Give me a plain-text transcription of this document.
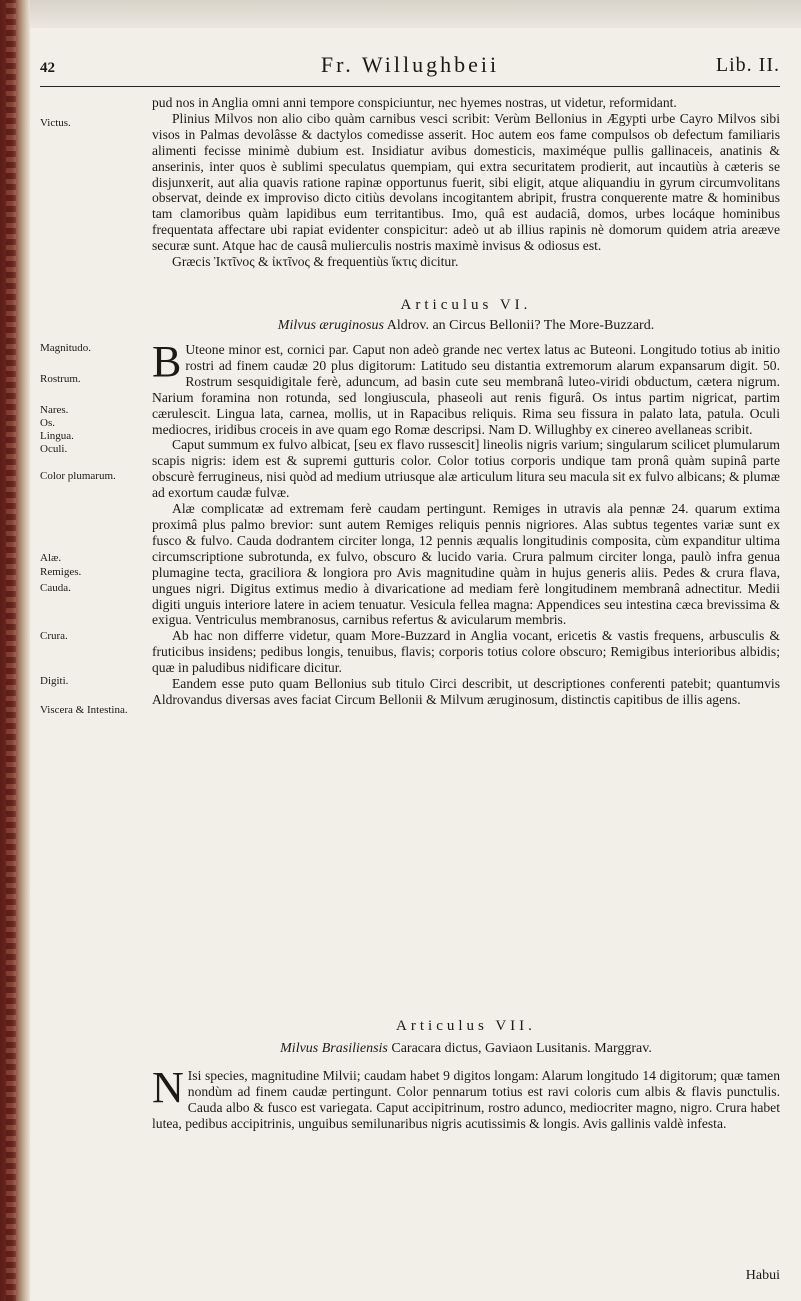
42	Fr. Willughbeii	Lib. II.
Victus.
Magnitudo.
Rostrum.
Nares.
Os.
Lingua.
Oculi.
Color plumarum.
Alæ.
Remiges.
Cauda.
Crura.
Digiti.
Viscera & Intestina.

pud nos in Anglia omni anni tempore conspiciuntur, nec hyemes nostras, ut videtur, reformidant.

Plinius Milvos non alio cibo quàm carnibus vesci scribit: Verùm Bellonius in Ægypti urbe Cayro Milvos sibi visos in Palmas devolâsse & dactylos comedisse asserit. Hoc autem eos fame compulsos ob defectum familiaris alimenti fecisse minimè dubium est. Insidiatur avibus domesticis, maximéque pullis gallinaceis, anatinis & anserinis, inter quos è sublimi speculatus quempiam, qui extra securitatem prodierit, aut incautiùs à cæteris se disjunxerit, aut alia quavis ratione rapinæ opportunus fuerit, sibi eligit, atque aliquandiu in gyrum circumvolitans observat, deinde ex improviso dicto citiùs devolans incogitantem abripit, frustra conquerente matre & hominibus tam clamoribus quàm lapidibus eum territantibus. Imo, quâ est audaciâ, domos, urbes locáque hominibus frequentata affectare ubi rapiat evidenter conspicitur: adeò ut ab illius rapinis nè domorum quidem atria areæve securæ sunt. Atque hac de causâ mulierculis nostris maximè invisus & odiosus est.

Græcis Ἰκτῖνος & ἰκτῖνος & frequentiùs ἴκτις dicitur.

Articulus VI.
Milvus æruginosus Aldrov. an Circus Bellonii? The More-Buzzard.

B Uteone minor est, cornici par. Caput non adeò grande nec vertex latus ac Buteoni. Longitudo totius ab initio rostri ad finem caudæ 20 plus digitorum: Latitudo seu distantia extremorum alarum expansarum digit. 50. Rostrum sesquidigitale ferè, aduncum, ad basin cute seu membranâ luteo-viridi obductum, cætera nigrum. Narium foramina non rotunda, sed longiuscula, phaseoli aut renis figurâ. Os intus partim nigricat, partim cærulescit. Lingua lata, carnea, mollis, ut in Rapacibus reliquis. Rima seu fissura in palato lata, patula. Oculi mediocres, iridibus croceis in ave quam ego Romæ descripsi. Nam D. Willughby ex cinereo avellaneas scribit.

Caput summum ex fulvo albicat, [seu ex flavo russescit] lineolis nigris varium; singularum scilicet plumularum scapis nigris: idem est & supremi gutturis color. Color totius corporis undique tam pronâ quàm supinâ parte obscurè ferrugineus, nisi quòd ad medium utriusque alæ articulum litura seu macula sit ex fulvo albicans; & plumæ ad exortum caudæ fulvæ.

Alæ complicatæ ad extremam ferè caudam pertingunt. Remiges in utravis ala pennæ 24. quarum extima proximâ plus palmo brevior: sunt autem Remiges reliquis pennis nigriores. Alas subtus tegentes variæ sunt ex fusco & fulvo. Cauda dodrantem circiter longa, 12 pennis æqualis longitudinis composita, cùm expanditur ultima circumscriptione subrotunda, ex fulvo, obscuro & lucido varia. Crura palmum circiter longa, paulò infra genua plumagine tecta, graciliora & longiora pro Avis magnitudine quàm in hujus generis aliis. Pedes & crura flava, ungues nigri. Digitus extimus medio à divaricatione ad mediam ferè longitudinem membranâ adnectitur. Medii digiti unguis interiore latere in aciem tenuatur. Vesicula fellea magna: Appendices seu intestina cæca brevissima & exigua. Ventriculus membranosus, carnibus refertus & avicularum membris.

Ab hac non differre videtur, quam More-Buzzard in Anglia vocant, ericetis & vastis frequens, arbusculis & fruticibus insidens; pedibus longis, tenuibus, flavis; corporis totius colore obscuro; Remigibus interioribus albidis; quæ in paludibus nidificare dicitur.

Eandem esse puto quam Bellonius sub titulo Circi describit, ut descriptiones conferenti patebit; quantumvis Aldrovandus diversas aves faciat Circum Bellonii & Milvum æruginosum, distinctis capitibus de illis agens.

Articulus VII.
Milvus Brasiliensis Caracara dictus, Gaviaon Lusitanis. Marggrav.

N Isi species, magnitudine Milvii; caudam habet 9 digitos longam: Alarum longitudo 14 digitorum; quæ tamen nondùm ad finem caudæ pertingunt. Color pennarum totius est ravi coloris cum albis & flavis punctulis. Cauda albo & fusco est variegata. Caput accipitrinum, rostro adunco, mediocriter magno, nigro. Crura habet lutea, pedibus accipitrinis, unguibus semilunaribus nigris acutissimis & longis. Avis gallinis valdè infesta.

Habui
